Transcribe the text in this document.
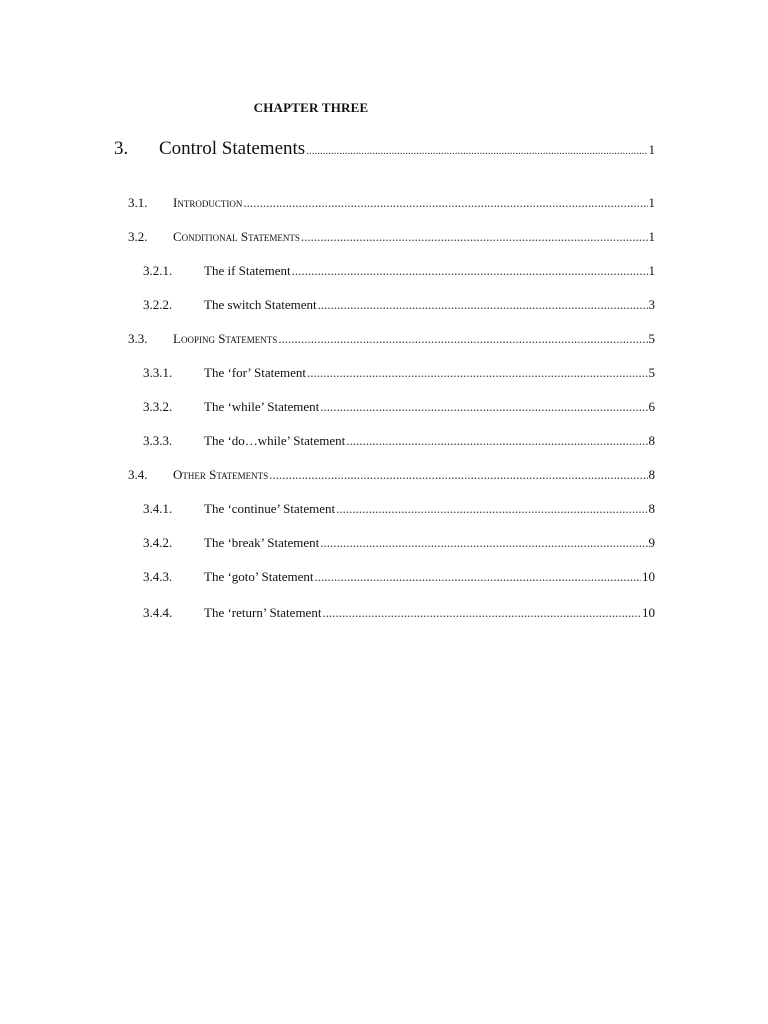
CHAPTER THREE
3.	Control Statements .....	1
3.1.	Introduction .....	1
3.2.	Conditional Statements .....	1
3.2.1.	The if Statement .....	1
3.2.2.	The switch Statement .....	3
3.3.	Looping Statements .....	5
3.3.1.	The ‘for’ Statement .....	5
3.3.2.	The ‘while’ Statement .....	6
3.3.3.	The ‘do…while’ Statement .....	8
3.4.	Other Statements .....	8
3.4.1.	The ‘continue’ Statement .....	8
3.4.2.	The ‘break’ Statement .....	9
3.4.3.	The ‘goto’ Statement .....	10
3.4.4.	The ‘return’ Statement .....	10
